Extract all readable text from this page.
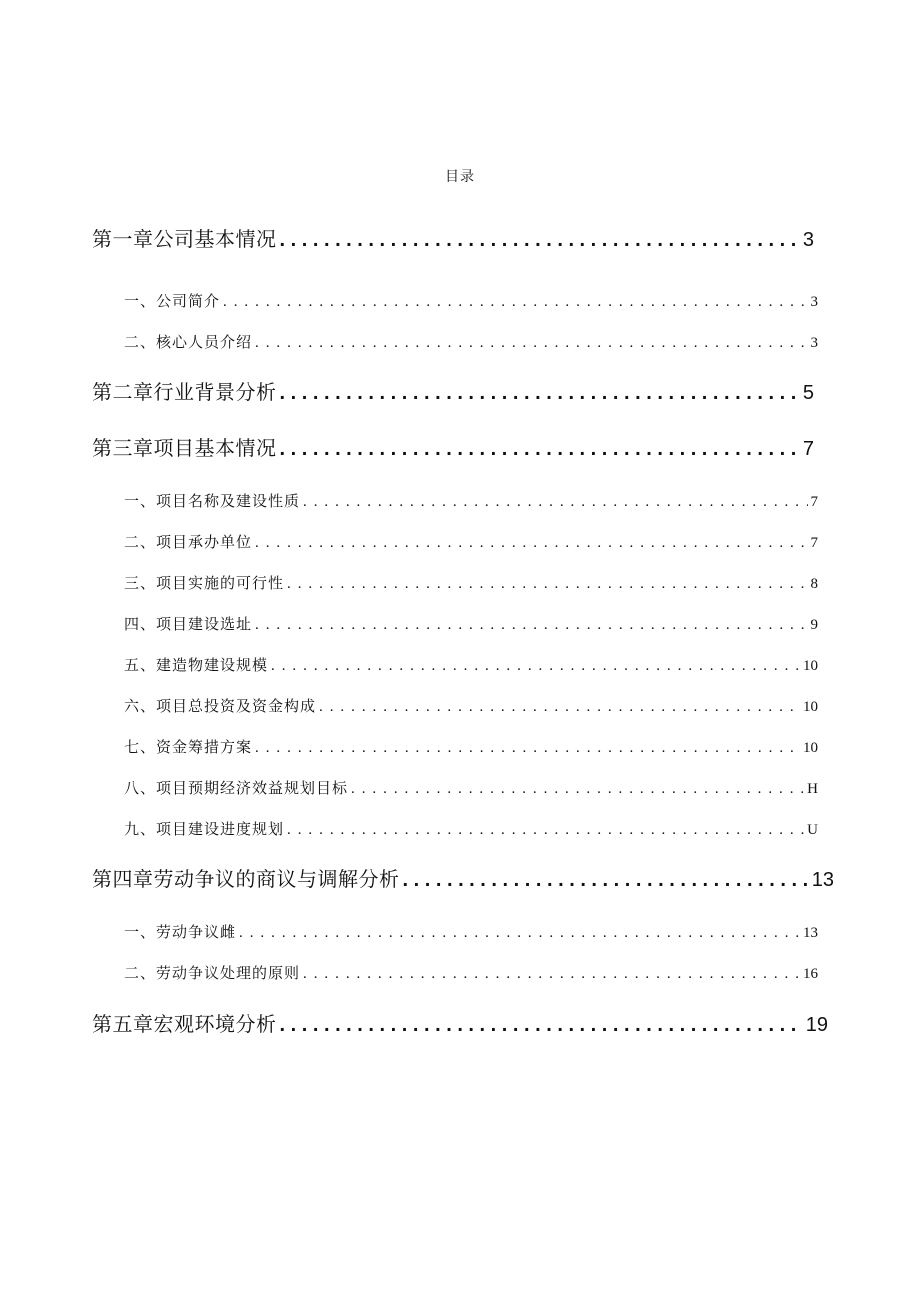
目录
第一章公司基本情况 . . .	3
一、公司简介 . . .	3
二、核心人员介绍 . . .	3
第二章行业背景分析 . . .	5
第三章项目基本情况 . . .	7
一、项目名称及建设性质 . . .	7
二、项目承办单位 . . .	7
三、项目实施的可行性 . . .	8
四、项目建设选址 . . .	9
五、建造物建设规模 . . .	10
六、项目总投资及资金构成 . . .	10
七、资金筹措方案 . . .	10
八、项目预期经济效益规划目标 . . .	H
九、项目建设进度规划 . . .	U
第四章劳动争议的商议与调解分析 . . .	13
一、劳动争议雌 . . .	13
二、劳动争议处理的原则 . . .	16
第五章宏观环境分析 . . .	19
